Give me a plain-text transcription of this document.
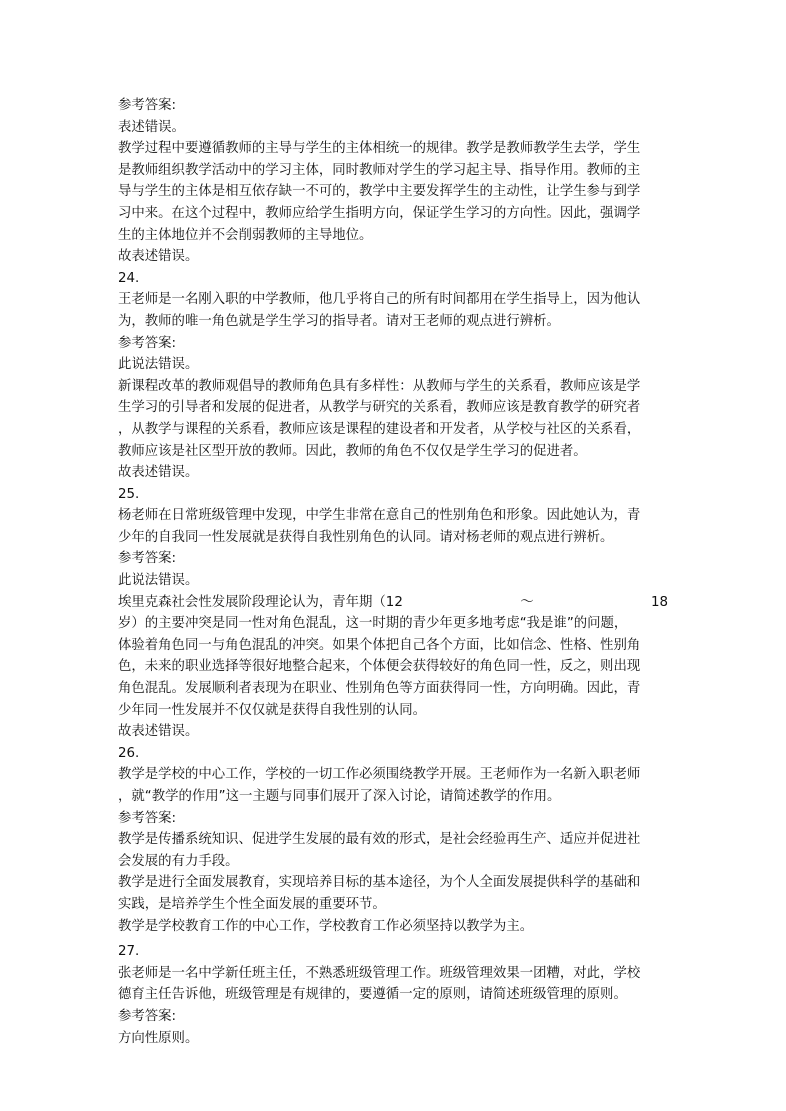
参考答案:
表述错误。
教学过程中要遵循教师的主导与学生的主体相统一的规律。教学是教师教学生去学，学生
是教师组织教学活动中的学习主体，同时教师对学生的学习起主导、指导作用。教师的主
导与学生的主体是相互依存缺一不可的，教学中主要发挥学生的主动性，让学生参与到学
习中来。在这个过程中，教师应给学生指明方向，保证学生学习的方向性。因此，强调学
生的主体地位并不会削弱教师的主导地位。
故表述错误。
24.
王老师是一名刚入职的中学教师，他几乎将自己的所有时间都用在学生指导上，因为他认
为，教师的唯一角色就是学生学习的指导者。请对王老师的观点进行辨析。
参考答案:
此说法错误。
新课程改革的教师观倡导的教师角色具有多样性：从教师与学生的关系看，教师应该是学
生学习的引导者和发展的促进者，从教学与研究的关系看，教师应该是教育教学的研究者
，从教学与课程的关系看，教师应该是课程的建设者和开发者，从学校与社区的关系看，
教师应该是社区型开放的教师。因此，教师的角色不仅仅是学生学习的促进者。
故表述错误。
25.
杨老师在日常班级管理中发现，中学生非常在意自己的性别角色和形象。因此她认为，青
少年的自我同一性发展就是获得自我性别角色的认同。请对杨老师的观点进行辨析。
参考答案:
此说法错误。
埃里克森社会性发展阶段理论认为，青年期（12	～	18
岁）的主要冲突是同一性对角色混乱，这一时期的青少年更多地考虑“我是谁”的问题，
体验着角色同一与角色混乱的冲突。如果个体把自己各个方面，比如信念、性格、性别角
色，未来的职业选择等很好地整合起来，个体便会获得较好的角色同一性，反之，则出现
角色混乱。发展顺利者表现为在职业、性别角色等方面获得同一性，方向明确。因此，青
少年同一性发展并不仅仅就是获得自我性别的认同。
故表述错误。
26.
教学是学校的中心工作，学校的一切工作必须围绕教学开展。王老师作为一名新入职老师
，就“教学的作用”这一主题与同事们展开了深入讨论，请简述教学的作用。
参考答案:
教学是传播系统知识、促进学生发展的最有效的形式，是社会经验再生产、适应并促进社
会发展的有力手段。
教学是进行全面发展教育，实现培养目标的基本途径，为个人全面发展提供科学的基础和
实践，是培养学生个性全面发展的重要环节。
教学是学校教育工作的中心工作，学校教育工作必须坚持以教学为主。
27.
张老师是一名中学新任班主任，不熟悉班级管理工作。班级管理效果一团糟，对此，学校
德育主任告诉他，班级管理是有规律的，要遵循一定的原则，请简述班级管理的原则。
参考答案:
方向性原则。
